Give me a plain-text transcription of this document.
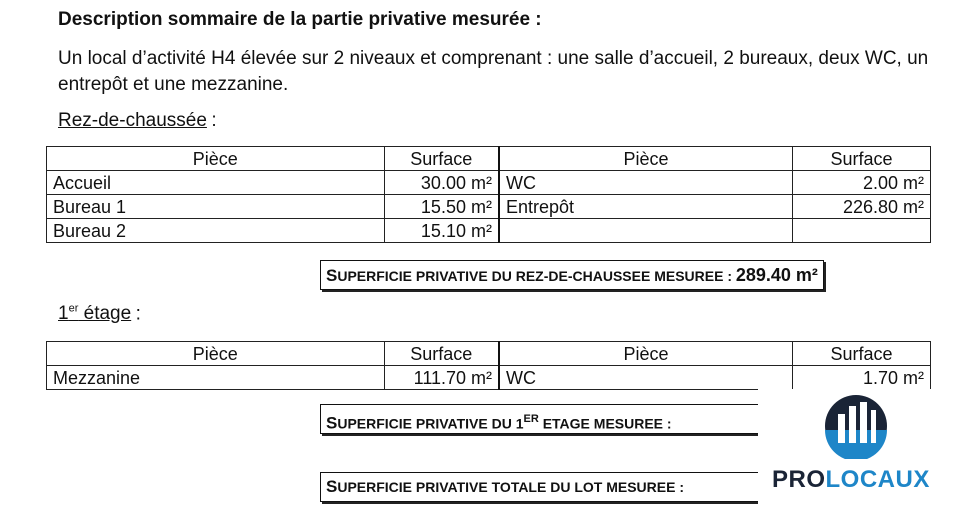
Description sommaire de la partie privative mesurée :
Un local d’activité H4 élevée sur 2 niveaux et comprenant : une salle d’accueil, 2 bureaux, deux WC, un entrepôt et une mezzanine.
Rez-de-chaussée :
Pièce	Surface	Pièce	Surface
Accueil	30.00 m²	WC	2.00 m²
Bureau 1	15.50 m²	Entrepôt	226.80 m²
Bureau 2	15.10 m²		
SUPERFICIE PRIVATIVE DU REZ-DE-CHAUSSEE MESUREE : 289.40 m²
1er étage :
Pièce	Surface	Pièce	Surface
Mezzanine	111.70 m²	WC	1.70 m²
SUPERFICIE PRIVATIVE DU 1ER ETAGE MESUREE :
SUPERFICIE PRIVATIVE TOTALE DU LOT MESUREE :	PROLOCAUX
